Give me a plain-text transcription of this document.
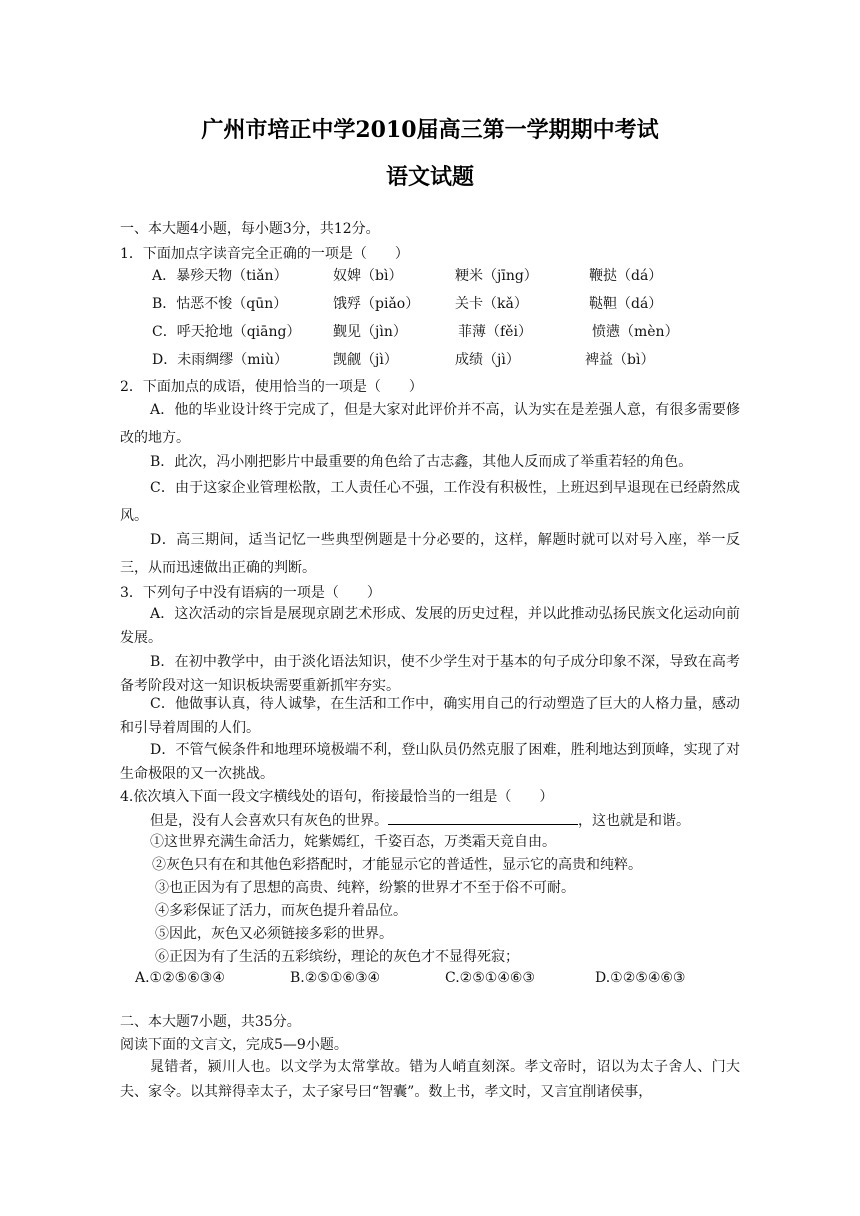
广州市培正中学2010届高三第一学期期中考试
语文试题
一、本大题4小题，每小题3分，共12分。
1．下面加点字读音完全正确的一项是（　　）
A．暴殄天物（tiǎn）	奴婢（bì）	粳米（jīng）	鞭挞（dá）
B．怙恶不悛（qūn）	饿殍（piǎo）	关卡（kǎ）	鞑靼（dá）
C．呼天抢地（qiāng） 觐见（jìn）	菲薄（fěi）	愤懑（mèn）
D．未雨绸缪（miù）	觊觎（jì）	成绩（jì）	裨益（bì）
2．下面加点的成语，使用恰当的一项是（　　）
A．他的毕业设计终于完成了，但是大家对此评价并不高，认为实在是差强人意，有很多需要修改的地方。
B．此次，冯小刚把影片中最重要的角色给了古志鑫，其他人反而成了举重若轻的角色。
C．由于这家企业管理松散，工人责任心不强，工作没有积极性，上班迟到早退现在已经蔚然成风。
D．高三期间，适当记忆一些典型例题是十分必要的，这样，解题时就可以对号入座，举一反三，从而迅速做出正确的判断。
3．下列句子中没有语病的一项是（　　）
A．这次活动的宗旨是展现京剧艺术形成、发展的历史过程，并以此推动弘扬民族文化运动向前发展。
B．在初中教学中，由于淡化语法知识，使不少学生对于基本的句子成分印象不深，导致在高考备考阶段对这一知识板块需要重新抓牢夯实。
C．他做事认真，待人诚挚，在生活和工作中，确实用自己的行动塑造了巨大的人格力量，感动和引导着周围的人们。
D．不管气候条件和地理环境极端不利，登山队员仍然克服了困难，胜利地达到顶峰，实现了对生命极限的又一次挑战。
4.依次填入下面一段文字横线处的语句，衔接最恰当的一组是（　　）
但是，没有人会喜欢只有灰色的世界。	，这也就是和谐。
①这世界充满生命活力，姹紫嫣红，千姿百态，万类霜天竞自由。
②灰色只有在和其他色彩搭配时，才能显示它的普适性，显示它的高贵和纯粹。
③也正因为有了思想的高贵、纯粹，纷繁的世界才不至于俗不可耐。
④多彩保证了活力，而灰色提升着品位。
⑤因此，灰色又必须链接多彩的世界。
⑥正因为有了生活的五彩缤纷，理论的灰色才不显得死寂；
A.①②⑤⑥③④	B.②⑤①⑥③④	C.②⑤①④⑥③	D.①②⑤④⑥③
二、本大题7小题，共35分。
阅读下面的文言文，完成5—9小题。
晁错者，颍川人也。以文学为太常掌故。错为人峭直刻深。孝文帝时，诏以为太子舍人、门大夫、家令。以其辩得幸太子，太子家号曰“智囊”。数上书，孝文时，又言宜削诸侯事，
